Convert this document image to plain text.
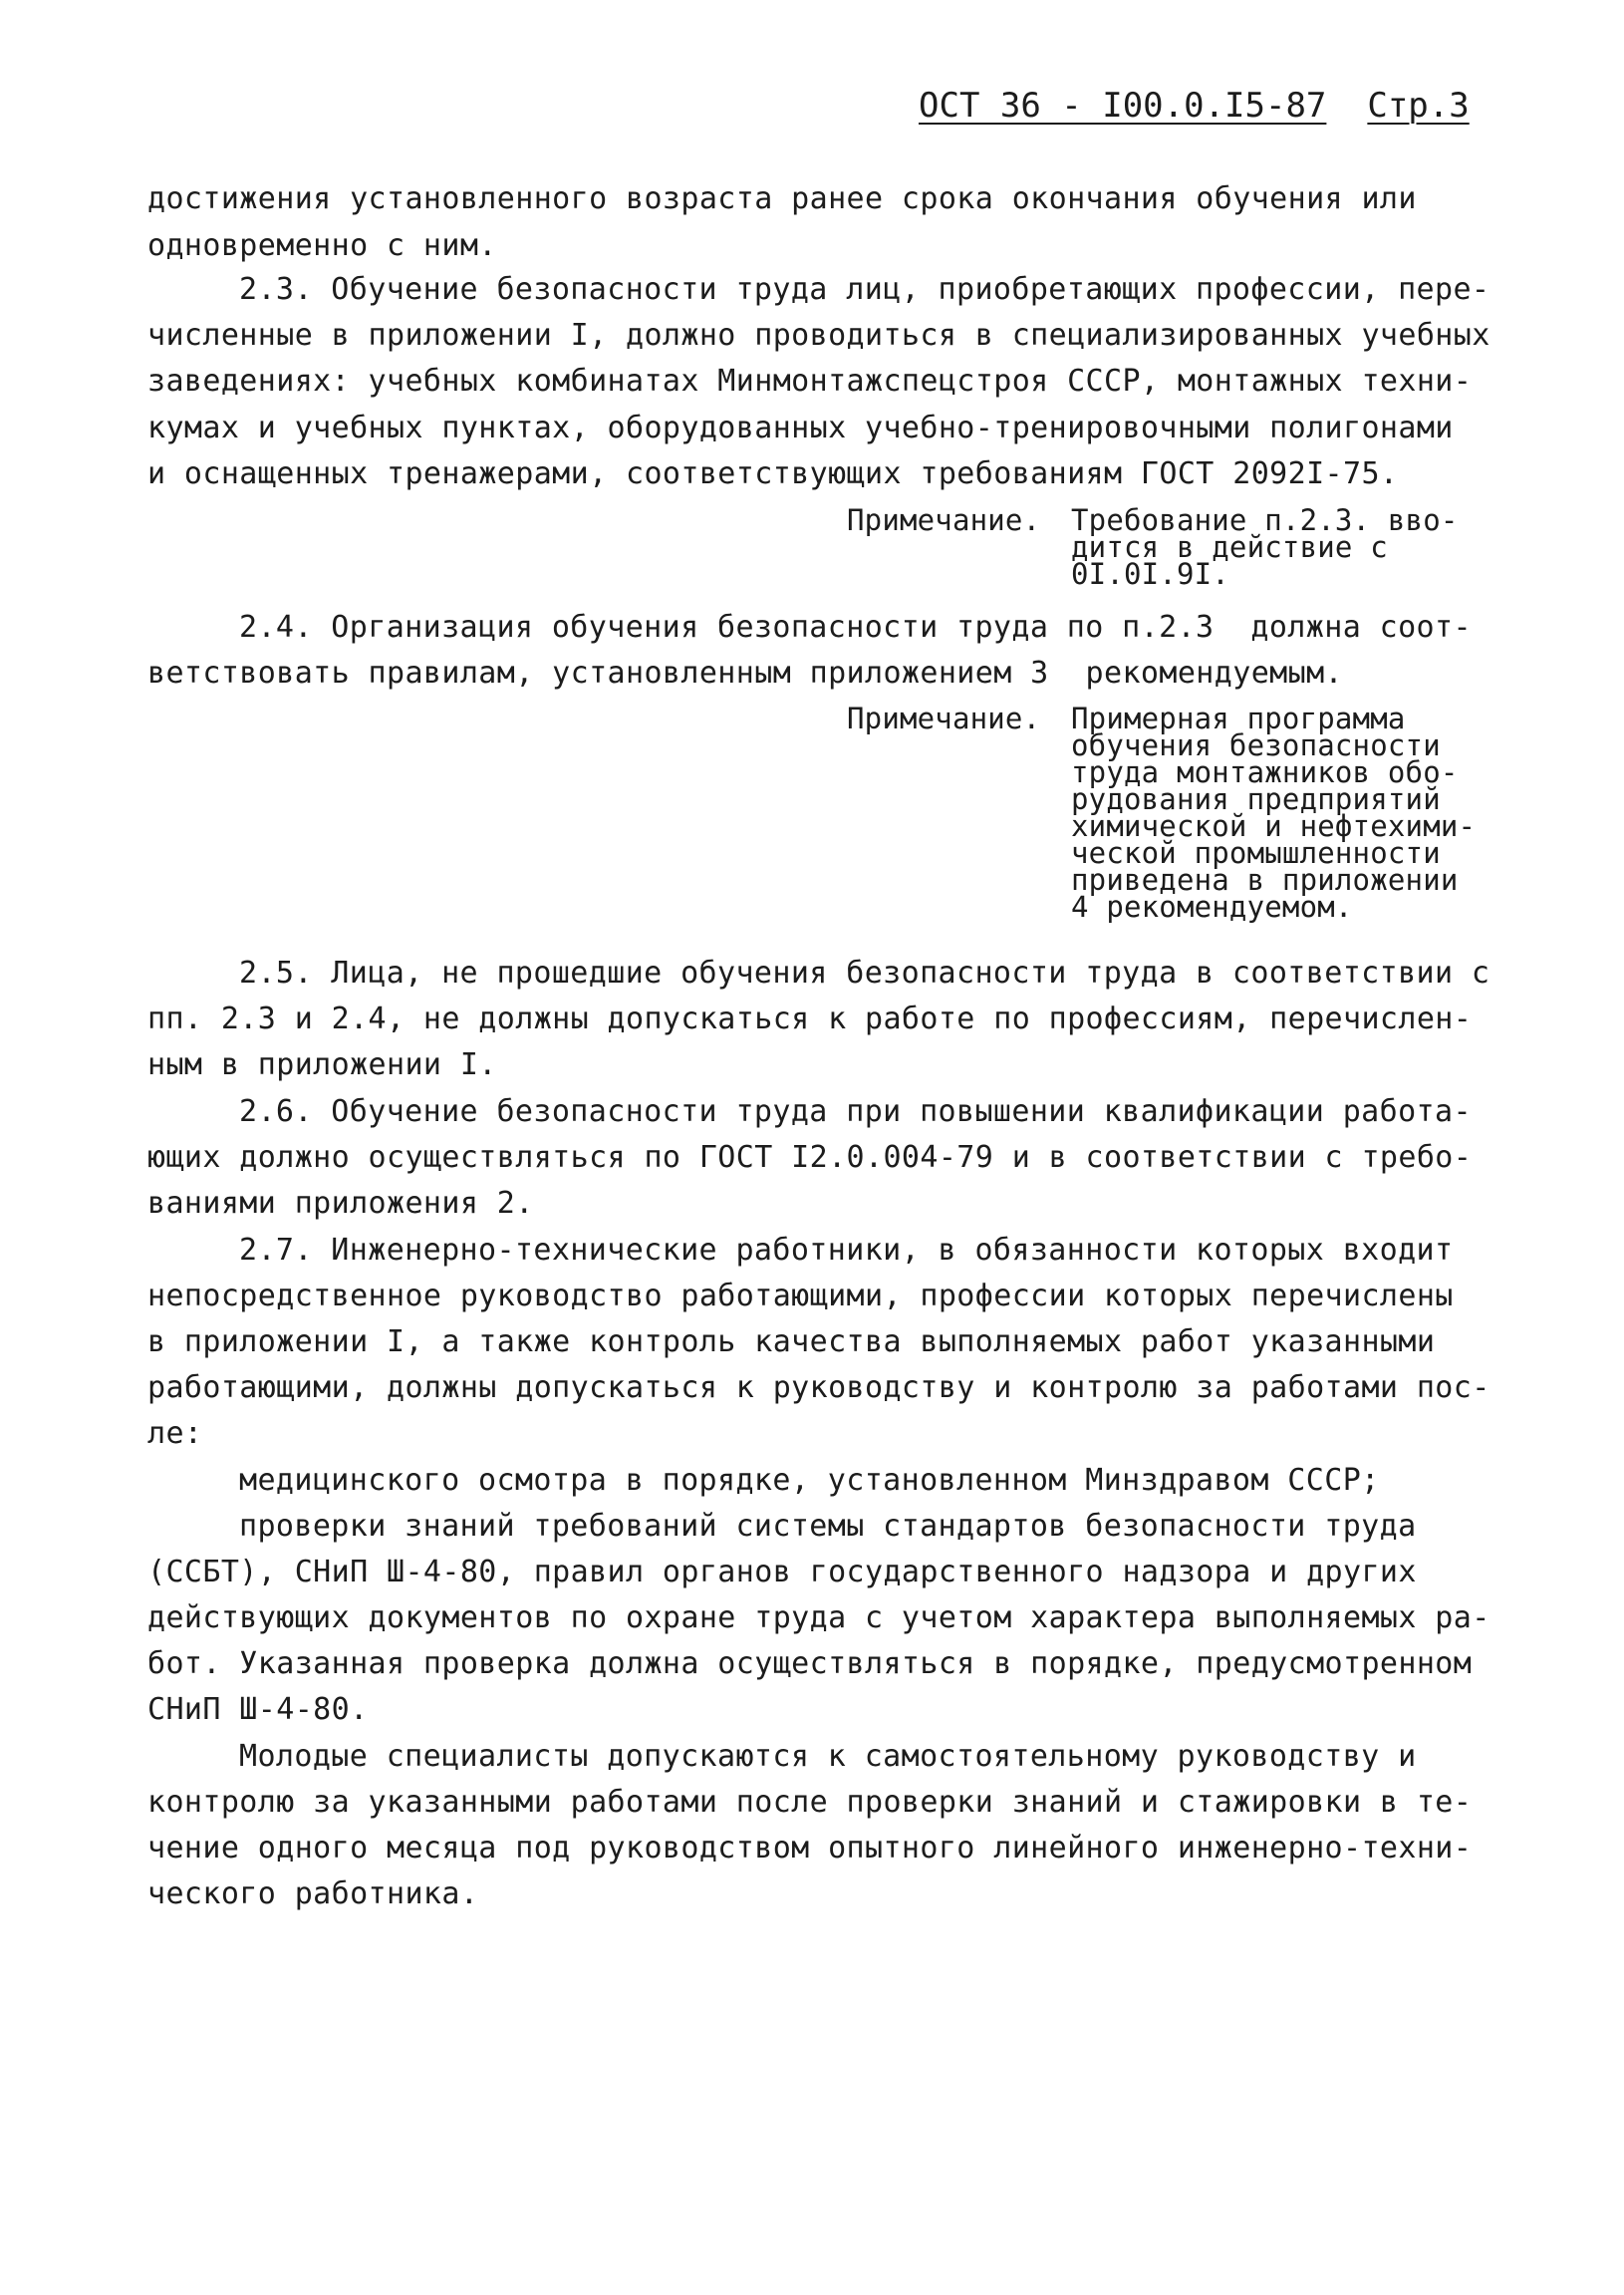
ОСТ 36 - I00.0.I5-87 Стр.3
достижения установленного возраста ранее срока окончания обучения или
одновременно с ним.
2.3. Обучение безопасности труда лиц, приобретающих профессии, пере-
численные в приложении I, должно проводиться в специализированных учебных
заведениях: учебных комбинатах Минмонтажспецстроя СССР, монтажных техни-
кумах и учебных пунктах, оборудованных учебно-тренировочными полигонами
и оснащенных тренажерами, соответствующих требованиям ГОСТ 2092I-75.
Примечание. Требование п.2.3. вво-
дится в действие с
0I.0I.9I.
2.4. Организация обучения безопасности труда по п.2.3  должна соот-
ветствовать правилам, установленным приложением 3  рекомендуемым.
Примечание. Примерная программа
обучения безопасности
труда монтажников обо-
рудования предприятий
химической и нефтехими-
ческой промышленности
приведена в приложении
4 рекомендуемом.
2.5. Лица, не прошедшие обучения безопасности труда в соответствии с
пп. 2.3 и 2.4, не должны допускаться к работе по профессиям, перечислен-
ным в приложении I.
2.6. Обучение безопасности труда при повышении квалификации работа-
ющих должно осуществляться по ГОСТ I2.0.004-79 и в соответствии с требо-
ваниями приложения 2.
2.7. Инженерно-технические работники, в обязанности которых входит
непосредственное руководство работающими, профессии которых перечислены
в приложении I, а также контроль качества выполняемых работ указанными
работающими, должны допускаться к руководству и контролю за работами пос-
ле:
медицинского осмотра в порядке, установленном Минздравом СССР;
проверки знаний требований системы стандартов безопасности труда
(ССБТ), СНиП Ш-4-80, правил органов государственного надзора и других
действующих документов по охране труда с учетом характера выполняемых ра-
бот. Указанная проверка должна осуществляться в порядке, предусмотренном
СНиП Ш-4-80.
Молодые специалисты допускаются к самостоятельному руководству и
контролю за указанными работами после проверки знаний и стажировки в те-
чение одного месяца под руководством опытного линейного инженерно-техни-
ческого работника.
